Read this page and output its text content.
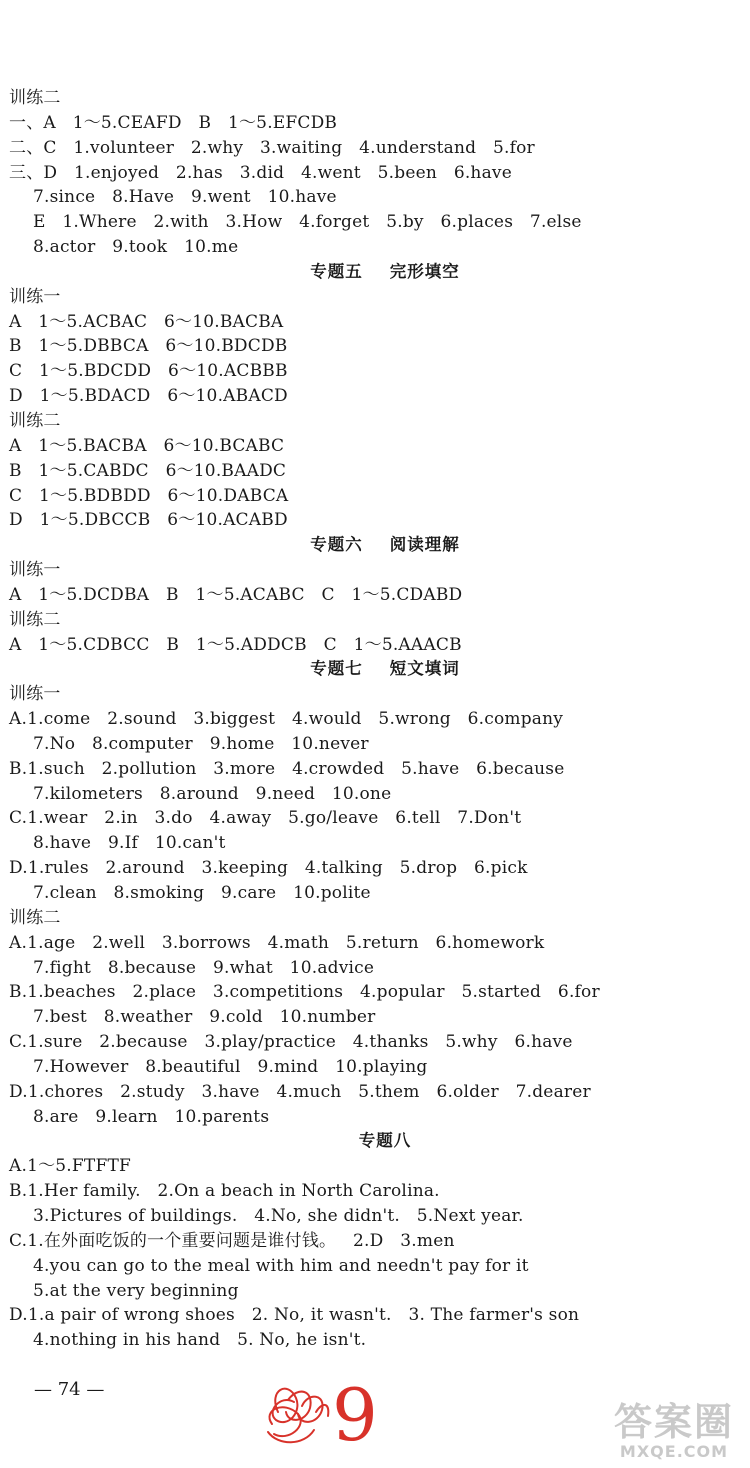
训练二
一、A   1～5.CEAFD   B   1～5.EFCDB
二、C   1.volunteer   2.why   3.waiting   4.understand   5.for
三、D   1.enjoyed   2.has   3.did   4.went   5.been   6.have
7.since   8.Have   9.went   10.have
E   1.Where   2.with   3.How   4.forget   5.by   6.places   7.else
8.actor   9.took   10.me
专题五    完形填空
训练一
A   1～5.ACBAC   6～10.BACBA
B   1～5.DBBCA   6～10.BDCDB
C   1～5.BDCDD   6～10.ACBBB
D   1～5.BDACD   6～10.ABACD
训练二
A   1～5.BACBA   6～10.BCABC
B   1～5.CABDC   6～10.BAADC
C   1～5.BDBDD   6～10.DABCA
D   1～5.DBCCB   6～10.ACABD
专题六    阅读理解
训练一
A   1～5.DCDBA   B   1～5.ACABC   C   1～5.CDABD
训练二
A   1～5.CDBCC   B   1～5.ADDCB   C   1～5.AAACB
专题七    短文填词
训练一
A.1.come   2.sound   3.biggest   4.would   5.wrong   6.company
7.No   8.computer   9.home   10.never
B.1.such   2.pollution   3.more   4.crowded   5.have   6.because
7.kilometers   8.around   9.need   10.one
C.1.wear   2.in   3.do   4.away   5.go/leave   6.tell   7.Don't
8.have   9.If   10.can't
D.1.rules   2.around   3.keeping   4.talking   5.drop   6.pick
7.clean   8.smoking   9.care   10.polite
训练二
A.1.age   2.well   3.borrows   4.math   5.return   6.homework
7.fight   8.because   9.what   10.advice
B.1.beaches   2.place   3.competitions   4.popular   5.started   6.for
7.best   8.weather   9.cold   10.number
C.1.sure   2.because   3.play/practice   4.thanks   5.why   6.have
7.However   8.beautiful   9.mind   10.playing
D.1.chores   2.study   3.have   4.much   5.them   6.older   7.dearer
8.are   9.learn   10.parents
专题八
A.1～5.FTFTF
B.1.Her family.   2.On a beach in North Carolina.
3.Pictures of buildings.   4.No, she didn't.   5.Next year.
C.1.在外面吃饭的一个重要问题是谁付钱。   2.D   3.men
4.you can go to the meal with him and needn't pay for it
5.at the very beginning
D.1.a pair of wrong shoes   2. No, it wasn't.   3. The farmer's son
4.nothing in his hand   5. No, he isn't.
— 74 —	9	答案圈
MXQE.COM
